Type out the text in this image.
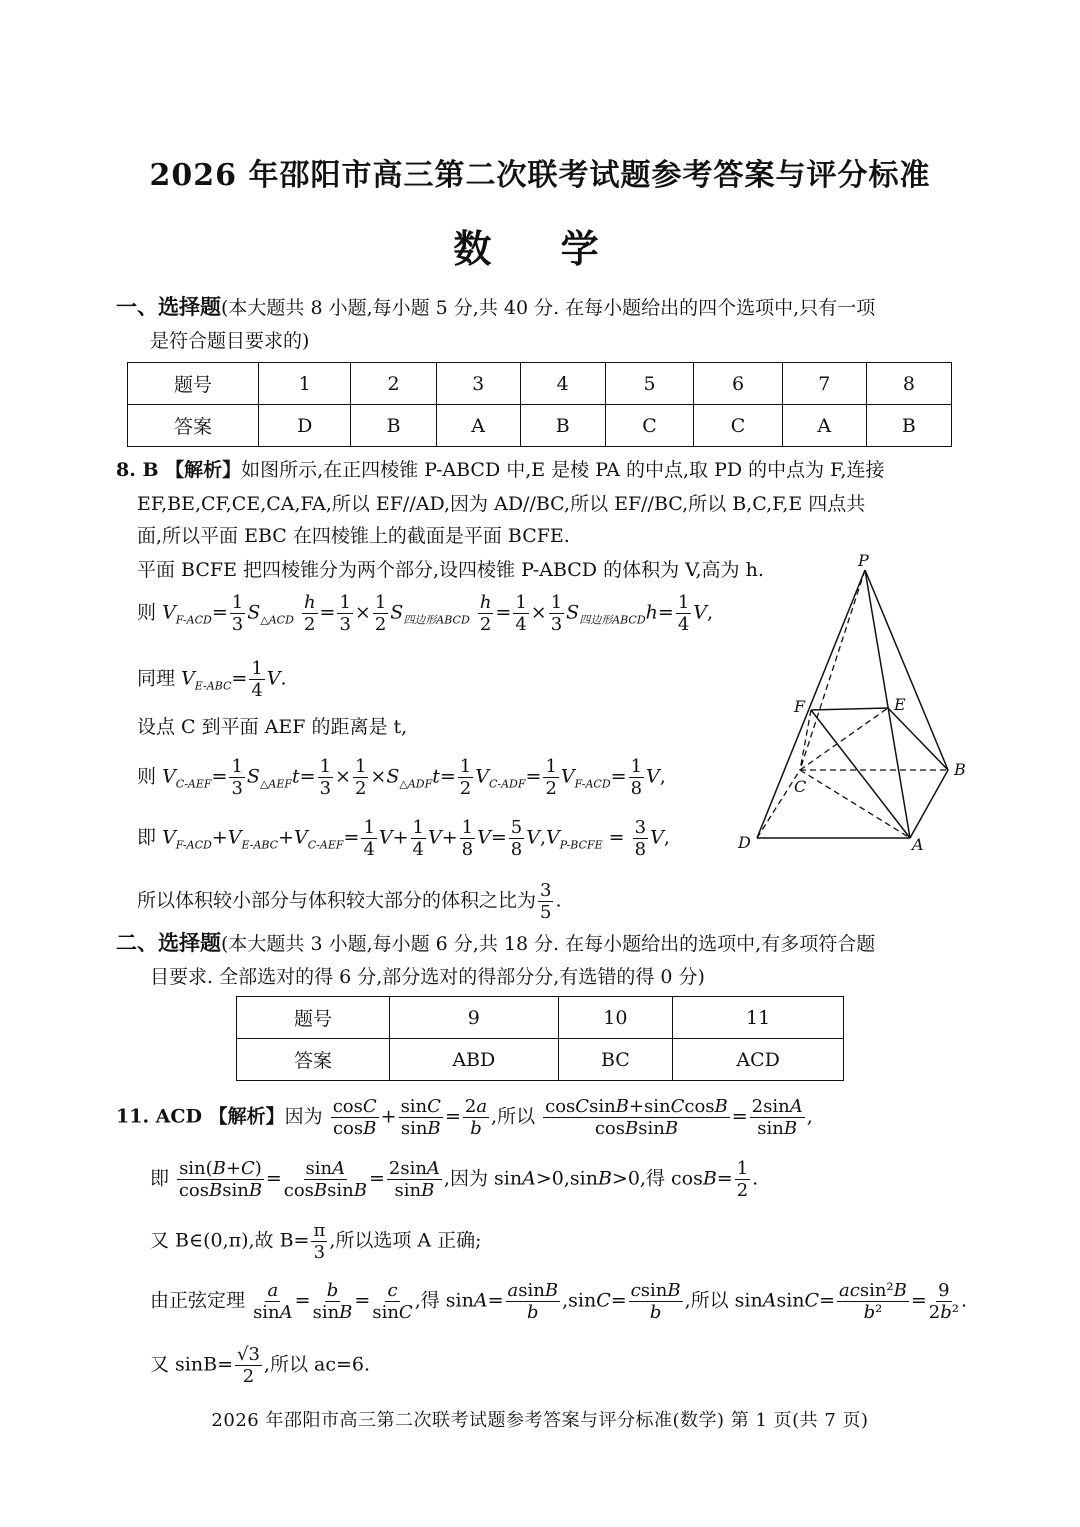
2026 年邵阳市高三第二次联考试题参考答案与评分标准
数 学
一、选择题(本大题共 8 小题,每小题 5 分,共 40 分. 在每小题给出的四个选项中,只有一项
是符合题目要求的)
题号	1	2	3	4	5	6	7	8
答案	D	B	A	B	C	C	A	B
8. B 【解析】如图所示,在正四棱锥 P-ABCD 中,E 是棱 PA 的中点,取 PD 的中点为 F,连接
EF,BE,CF,CE,CA,FA,所以 EF//AD,因为 AD//BC,所以 EF//BC,所以 B,C,F,E 四点共
面,所以平面 EBC 在四棱锥上的截面是平面 BCFE.
平面 BCFE 把四棱锥分为两个部分,设四棱锥 P-ABCD 的体积为 V,高为 h.
则 $V_{F-ACD}= \frac{1}{3} S_{\triangle ACD} \frac{h}{2} = \frac{1}{3} \times \frac{1}{2} S_{四边形ABCD} \frac{h}{2} = \frac{1}{4} \times \frac{1}{3} S_{四边形ABCD}h= \frac{1}{4} V$,
同理 $V_{E-ABC}= \frac{1}{4} V$.
设点 C 到平面 AEF 的距离是 t,
则 $V_{C-AEF}= \frac{1}{3} S_{\triangle AEF}t= \frac{1}{3} \times \frac{1}{2} \times S_{\triangle ADF}t= \frac{1}{2} V_{C-ADF}= \frac{1}{2} V_{F-ACD}= \frac{1}{8} V$,
即 $V_{F-ACD}+V_{E-ABC}+V_{C-AEF}= \frac{1}{4} V+ \frac{1}{4} V+ \frac{1}{8} V= \frac{5}{8} V,V_{P-BCFE} = \frac{3}{8} V$,
所以体积较小部分与体积较大部分的体积之比为 $\frac{3}{5}$ .
P
F	E
C
B
D	A
二、选择题(本大题共 3 小题,每小题 6 分,共 18 分. 在每小题给出的选项中,有多项符合题
目要求. 全部选对的得 6 分,部分选对的得部分分,有选错的得 0 分)
题号	9	10	11
答案	ABD	BC	ACD
11. ACD 【解析】因为 $\frac{\cos C}{\cos B} + \frac{\sin C}{\sin B} = \frac{2a}{b}$ ,所以 $\frac{\text{cosCsinB+sinCcosB}}{\text{cosBsinB}} = \frac{2\sin A}{\sin B}$ ,
即 $\frac{\sin(B+C)}{\text{cosBsinB}} = \frac{\sin A}{\text{cosBsinB}} = \frac{2\sin A}{\sin B}$ ,因为 sinA>0,sinB>0,得 $\cos B= \frac{1}{2}$ .
又 B∈(0,π),故 $B= \frac{\pi}{3}$ ,所以选项 A 正确;
由正弦定理 $\frac{a}{\sin A} = \frac{b}{\sin B} = \frac{c}{\sin C}$ ,得 $\sin A= \frac{asinB}{b} ,\sin C= \frac{csinB}{b}$ ,所以 sinAsinC= $\frac{\text{acsin²B}}{\text{b²}} = \frac{9}{\text{2b²}}$ .
又 $\sin B= \frac{√3}{2}$ ,所以 ac=6.
2026 年邵阳市高三第二次联考试题参考答案与评分标准(数学) 第 1 页(共 7 页)
